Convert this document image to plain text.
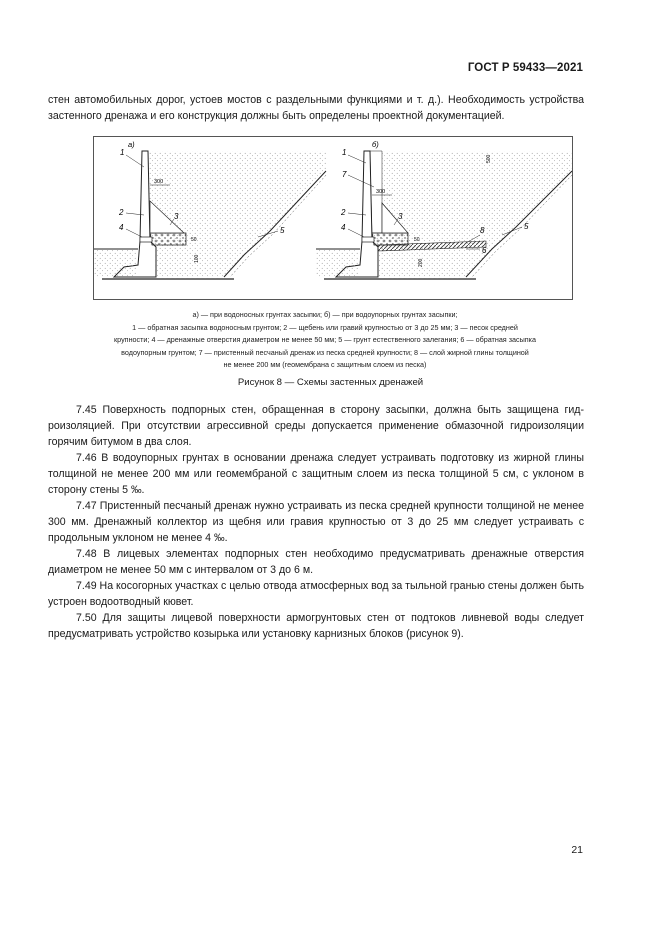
ГОСТ Р 59433—2021

стен автомобильных дорог, устоев мостов с раздельными функциями и т. д.). Необходимость устройства застенного дренажа и его конструкция должны быть определены проектной документацией.

a)
300
50
100
1
2	3
4	5
б)
500
300
50
200
1
7
2	3
4	8	5
6

а) — при водоносных грунтах засыпки; б) — при водоупорных грунтах засыпки;

1 — обратная засыпка водоносным грунтом; 2 — щебень или гравий крупностью от 3 до 25 мм; 3 — песок средней

крупности; 4 — дренажные отверстия диаметром не менее 50 мм; 5 — грунт естественного залегания; 6 — обратная засыпка

водоупорным грунтом; 7 — пристенный песчаный дренаж из песка средней крупности; 8 — слой жирной глины толщиной

не менее 200 мм (геомембрана с защитным слоем из песка)

Рисунок 8 — Схемы застенных дренажей

7.45 Поверхность подпорных стен, обращенная в сторону засыпки, должна быть защищена гидроизоляцией. При отсутствии агрессивной среды допускается применение обмазочной гидроизоляции горячим битумом в два слоя.

7.46 В водоупорных грунтах в основании дренажа следует устраивать подготовку из жирной глины толщиной не менее 200 мм или геомембраной с защитным слоем из песка толщиной 5 см, с уклоном в сторону стены 5 ‰.

7.47 Пристенный песчаный дренаж нужно устраивать из песка средней крупности толщиной не менее 300 мм. Дренажный коллектор из щебня или гравия крупностью от 3 до 25 мм следует устраивать с продольным уклоном не менее 4 ‰.

7.48 В лицевых элементах подпорных стен необходимо предусматривать дренажные отверстия диаметром не менее 50 мм с интервалом от 3 до 6 м.

7.49 На косогорных участках с целью отвода атмосферных вод за тыльной гранью стены должен быть устроен водоотводный кювет.

7.50 Для защиты лицевой поверхности армогрунтовых стен от подтоков ливневой воды следует предусматривать устройство козырька или установку карнизных блоков (рисунок 9).

21
